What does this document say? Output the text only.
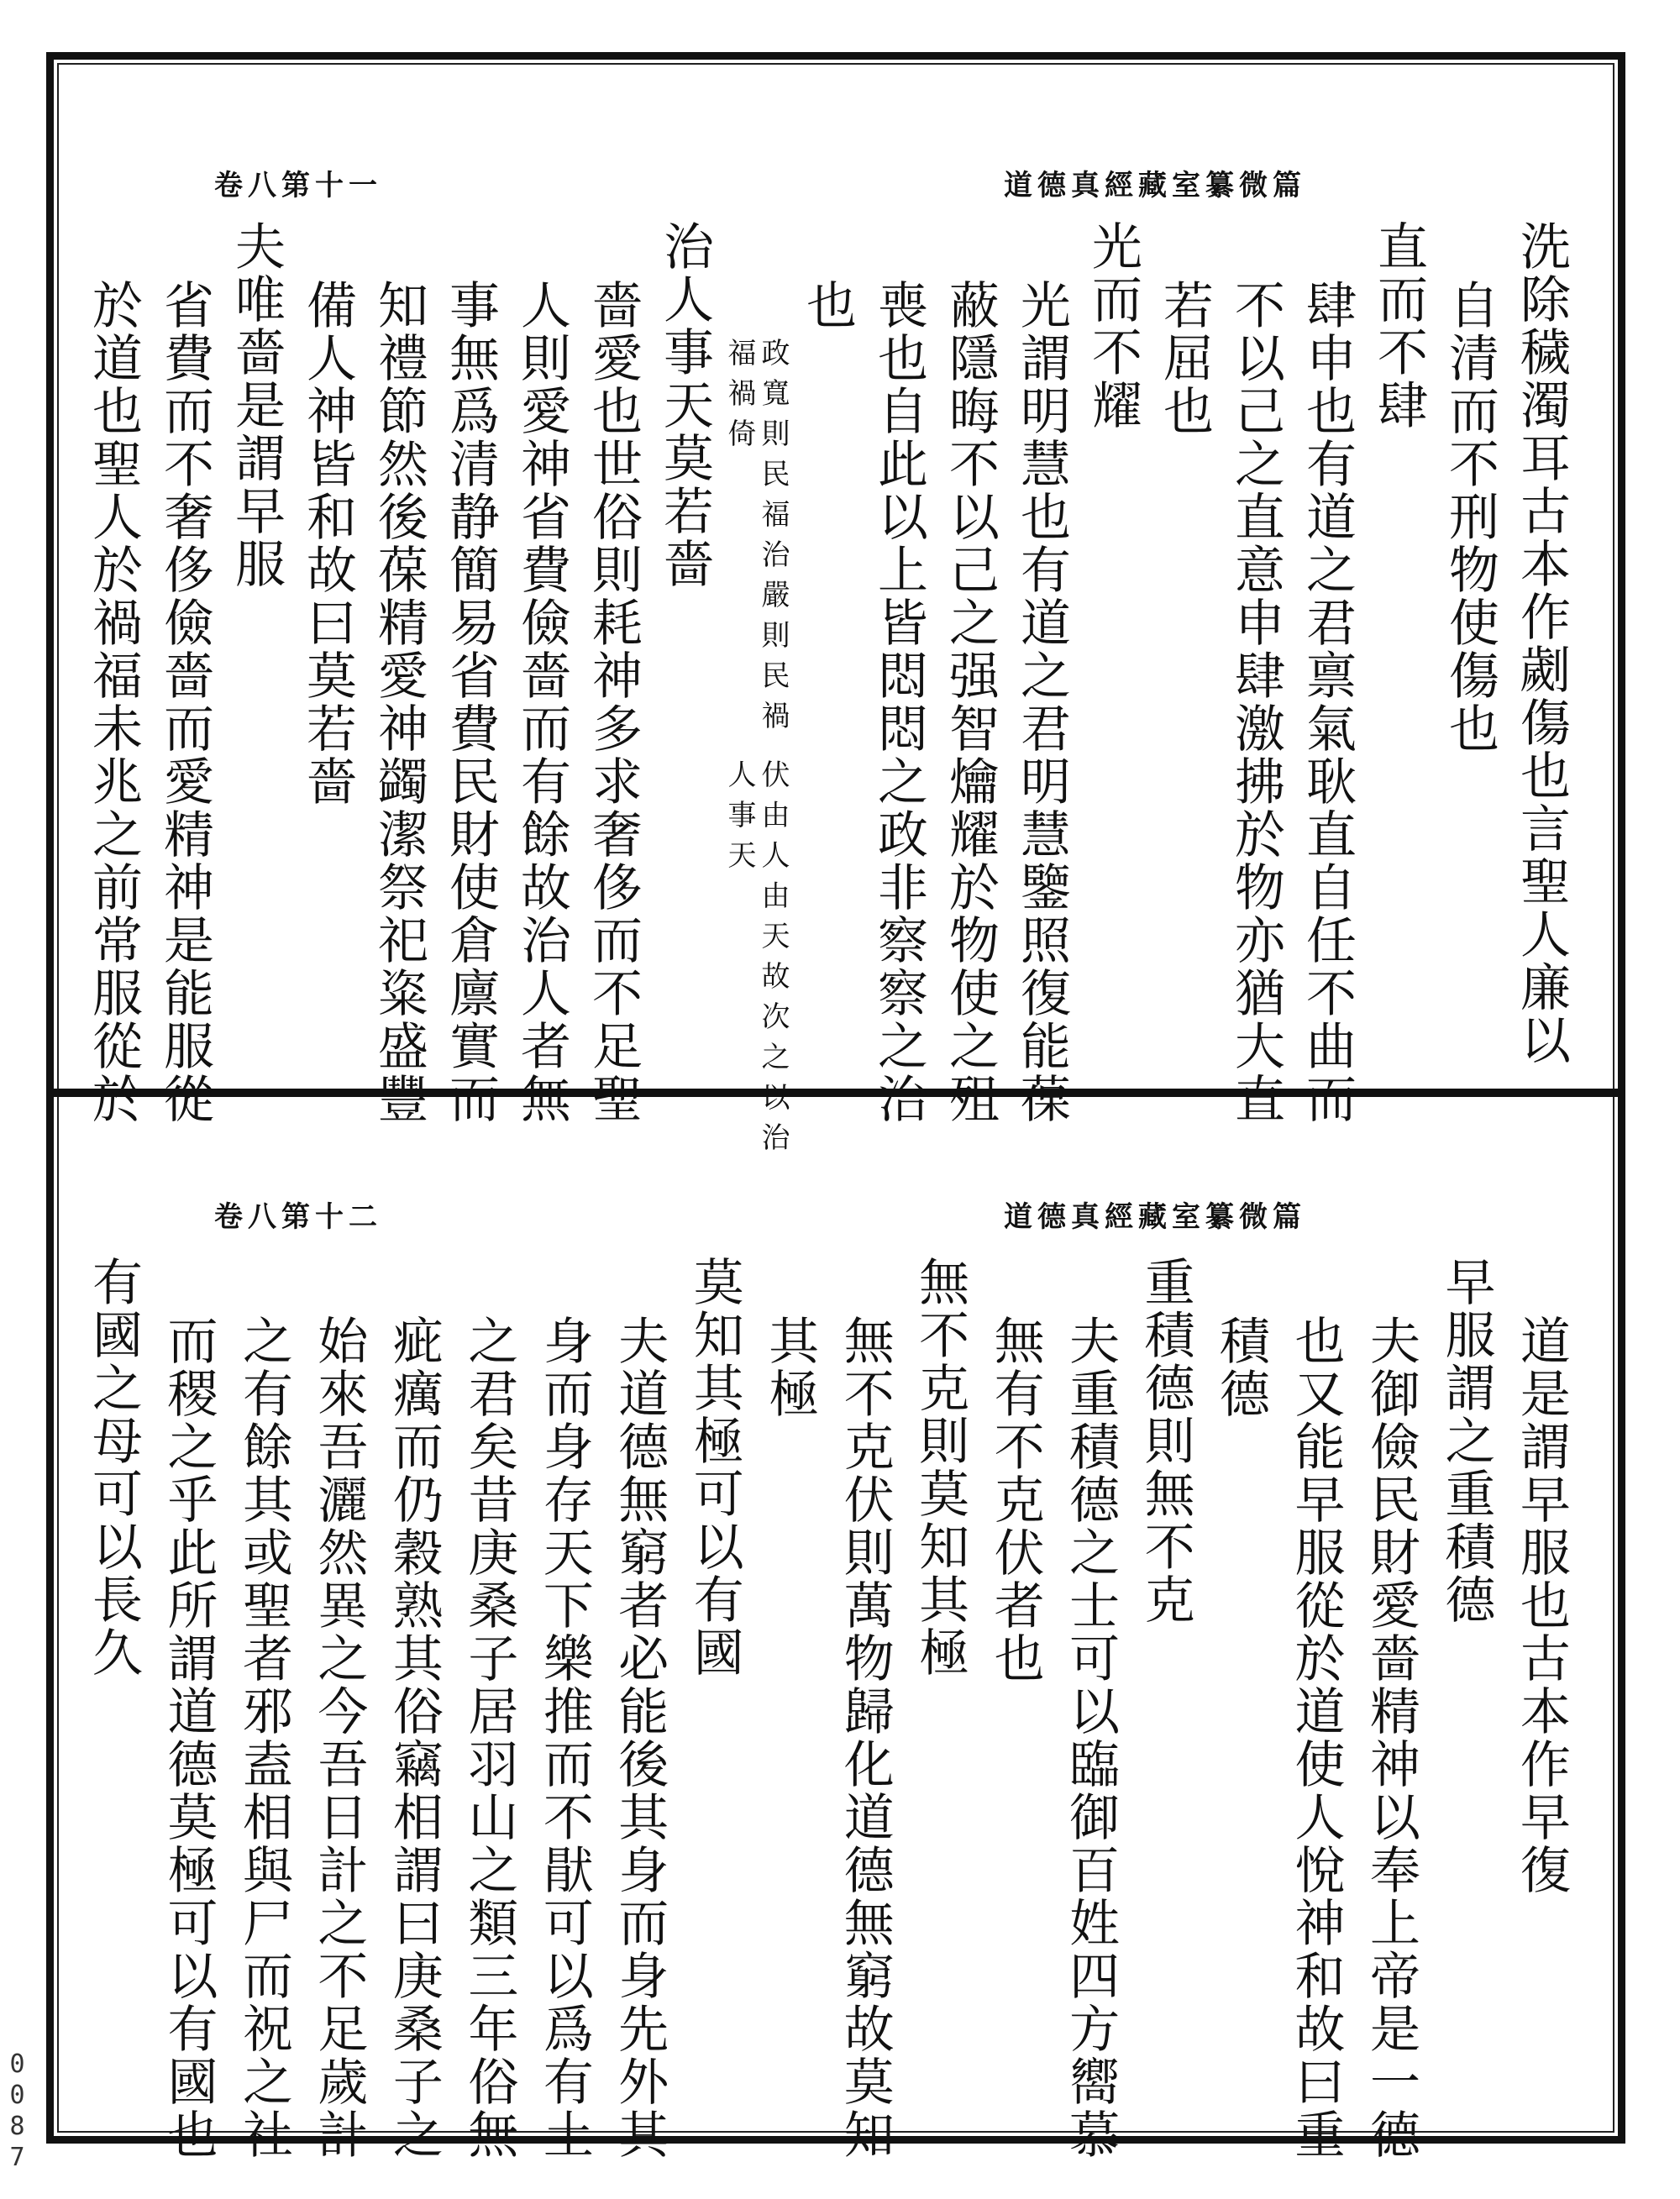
0087
卷八第十一	道德真經藏室纂微篇
洗除穢濁耳古本作劌傷也言聖人廉以
自清而不刑物使傷也
直而不肆
肆申也有道之君禀氣耿直自任不曲而
不以己之直意申肆激拂於物亦猶大直
若屈也
光而不耀
光謂明慧也有道之君明慧鑒照復能葆
蔽隱晦不以己之强智爚耀於物使之殂
喪也自此以上皆悶悶之政非察察之治
也
政寬則民福治嚴則民禍福禍倚
伏由人由天故次之以治人事天
治人事天莫若嗇
嗇愛也世俗則耗神多求奢侈而不足聖
人則愛神省費儉嗇而有餘故治人者無
事無爲清静簡易省費民財使倉廪實而
知禮節然後葆精愛神蠲潔祭祀粢盛豐
備人神皆和故曰莫若嗇
夫唯嗇是謂早服
省費而不奢侈儉嗇而愛精神是能服從
於道也聖人於禍福未兆之前常服從於
卷八第十二	道德真經藏室纂微篇
道是謂早服也古本作早復
早服謂之重積德
夫御儉民財愛嗇精神以奉上帝是一德
也又能早服從於道使人悅神和故曰重
積德
重積德則無不克
夫重積德之士可以臨御百姓四方嚮慕
無有不克伏者也
無不克則莫知其極
無不克伏則萬物歸化道德無窮故莫知
其極
莫知其極可以有國
夫道德無窮者必能後其身而身先外其
身而身存天下樂推而不猒可以爲有土
之君矣昔庚桑子居羽山之類三年俗無
疵癘而仍穀熟其俗竊相謂曰庚桑子之
始來吾灑然異之今吾日計之不足歲計
之有餘其或聖者邪盍相與尸而祝之社
而稷之乎此所謂道德莫極可以有國也
有國之母可以長久
